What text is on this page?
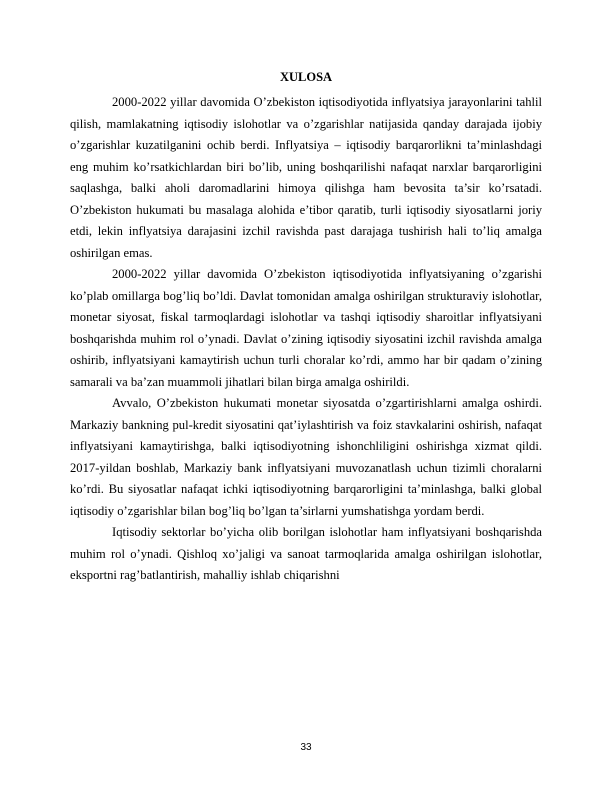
XULOSA

2000-2022 yillar davomida O’zbekiston iqtisodiyotida inflyatsiya jarayonlarini tahlil qilish, mamlakatning iqtisodiy islohotlar va o’zgarishlar natijasida qanday darajada ijobiy o’zgarishlar kuzatilganini ochib berdi. Inflyatsiya – iqtisodiy barqarorlikni ta’minlashdagi eng muhim ko’rsatkichlardan biri bo’lib, uning boshqarilishi nafaqat narxlar barqarorligini saqlashga, balki aholi daromadlarini himoya qilishga ham bevosita ta’sir ko’rsatadi. O’zbekiston hukumati bu masalaga alohida e’tibor qaratib, turli iqtisodiy siyosatlarni joriy etdi, lekin inflyatsiya darajasini izchil ravishda past darajaga tushirish hali to’liq amalga oshirilgan emas.

2000-2022 yillar davomida O’zbekiston iqtisodiyotida inflyatsiyaning o’zgarishi ko’plab omillarga bog’liq bo’ldi. Davlat tomonidan amalga oshirilgan strukturaviy islohotlar, monetar siyosat, fiskal tarmoqlardagi islohotlar va tashqi iqtisodiy sharoitlar inflyatsiyani boshqarishda muhim rol o’ynadi. Davlat o’zining iqtisodiy siyosatini izchil ravishda amalga oshirib, inflyatsiyani kamaytirish uchun turli choralar ko’rdi, ammo har bir qadam o’zining samarali va ba’zan muammoli jihatlari bilan birga amalga oshirildi.

Avvalo, O’zbekiston hukumati monetar siyosatda o’zgartirishlarni amalga oshirdi. Markaziy bankning pul-kredit siyosatini qat’iylashtirish va foiz stavkalarini oshirish, nafaqat inflyatsiyani kamaytirishga, balki iqtisodiyotning ishonchliligini oshirishga xizmat qildi. 2017-yildan boshlab, Markaziy bank inflyatsiyani muvozanatlash uchun tizimli choralarni ko’rdi. Bu siyosatlar nafaqat ichki iqtisodiyotning barqarorligini ta’minlashga, balki global iqtisodiy o’zgarishlar bilan bog’liq bo’lgan ta’sirlarni yumshatishga yordam berdi.

Iqtisodiy sektorlar bo’yicha olib borilgan islohotlar ham inflyatsiyani boshqarishda muhim rol o’ynadi. Qishloq xo’jaligi va sanoat tarmoqlarida amalga oshirilgan islohotlar, eksportni rag’batlantirish, mahalliy ishlab chiqarishni

33
